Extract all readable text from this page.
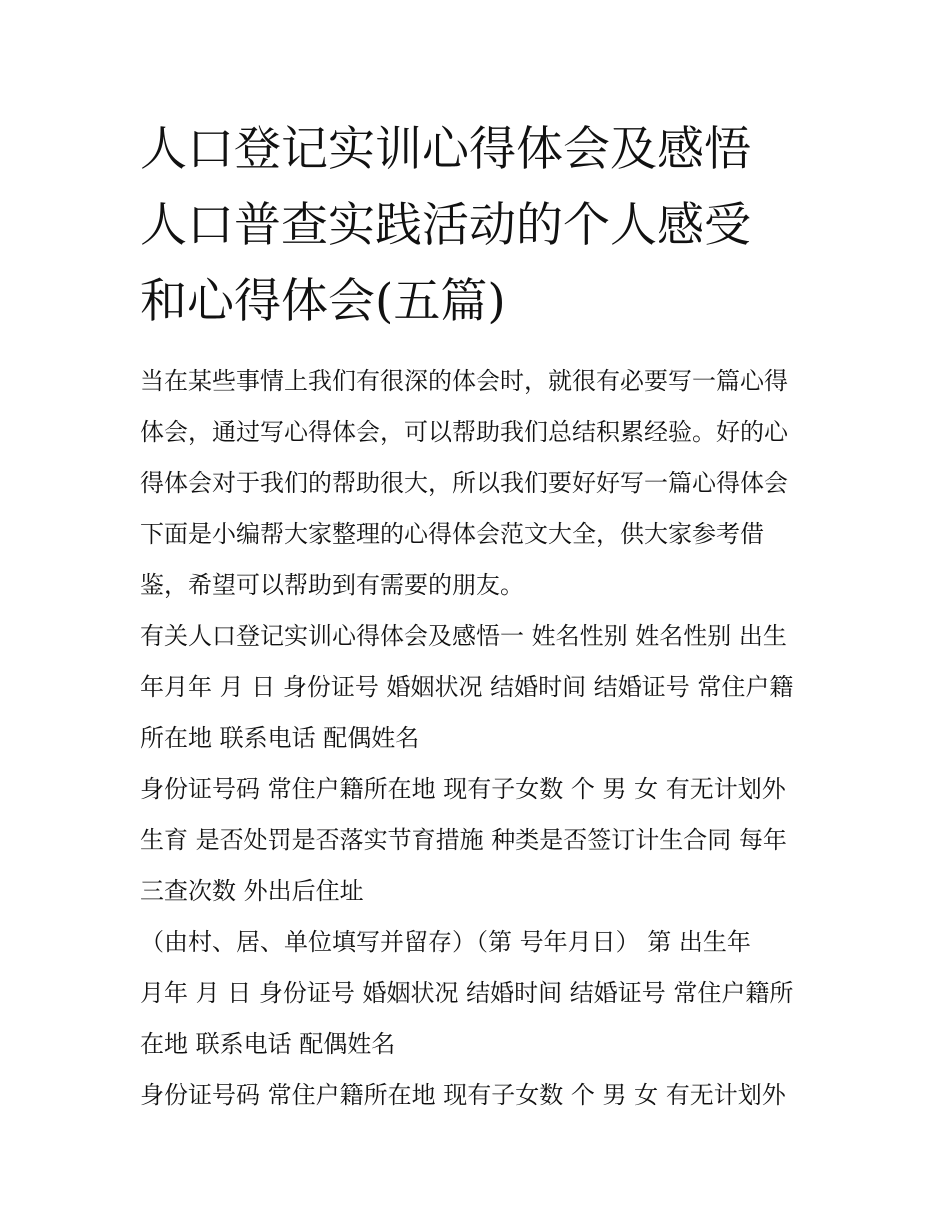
人口登记实训心得体会及感悟
人口普查实践活动的个人感受
和心得体会(五篇)

当在某些事情上我们有很深的体会时，就很有必要写一篇心得
体会，通过写心得体会，可以帮助我们总结积累经验。好的心
得体会对于我们的帮助很大，所以我们要好好写一篇心得体会
下面是小编帮大家整理的心得体会范文大全，供大家参考借
鉴，希望可以帮助到有需要的朋友。

有关人口登记实训心得体会及感悟一 姓名性别 姓名性别 出生
年月年 月 日 身份证号 婚姻状况 结婚时间 结婚证号 常住户籍
所在地 联系电话 配偶姓名

身份证号码 常住户籍所在地 现有子女数 个 男 女 有无计划外
生育 是否处罚是否落实节育措施 种类是否签订计生合同 每年
三查次数 外出后住址

（由村、居、单位填写并留存）（第 号年月日） 第 出生年
月年 月 日 身份证号 婚姻状况 结婚时间 结婚证号 常住户籍所
在地 联系电话 配偶姓名

身份证号码 常住户籍所在地 现有子女数 个 男 女 有无计划外
